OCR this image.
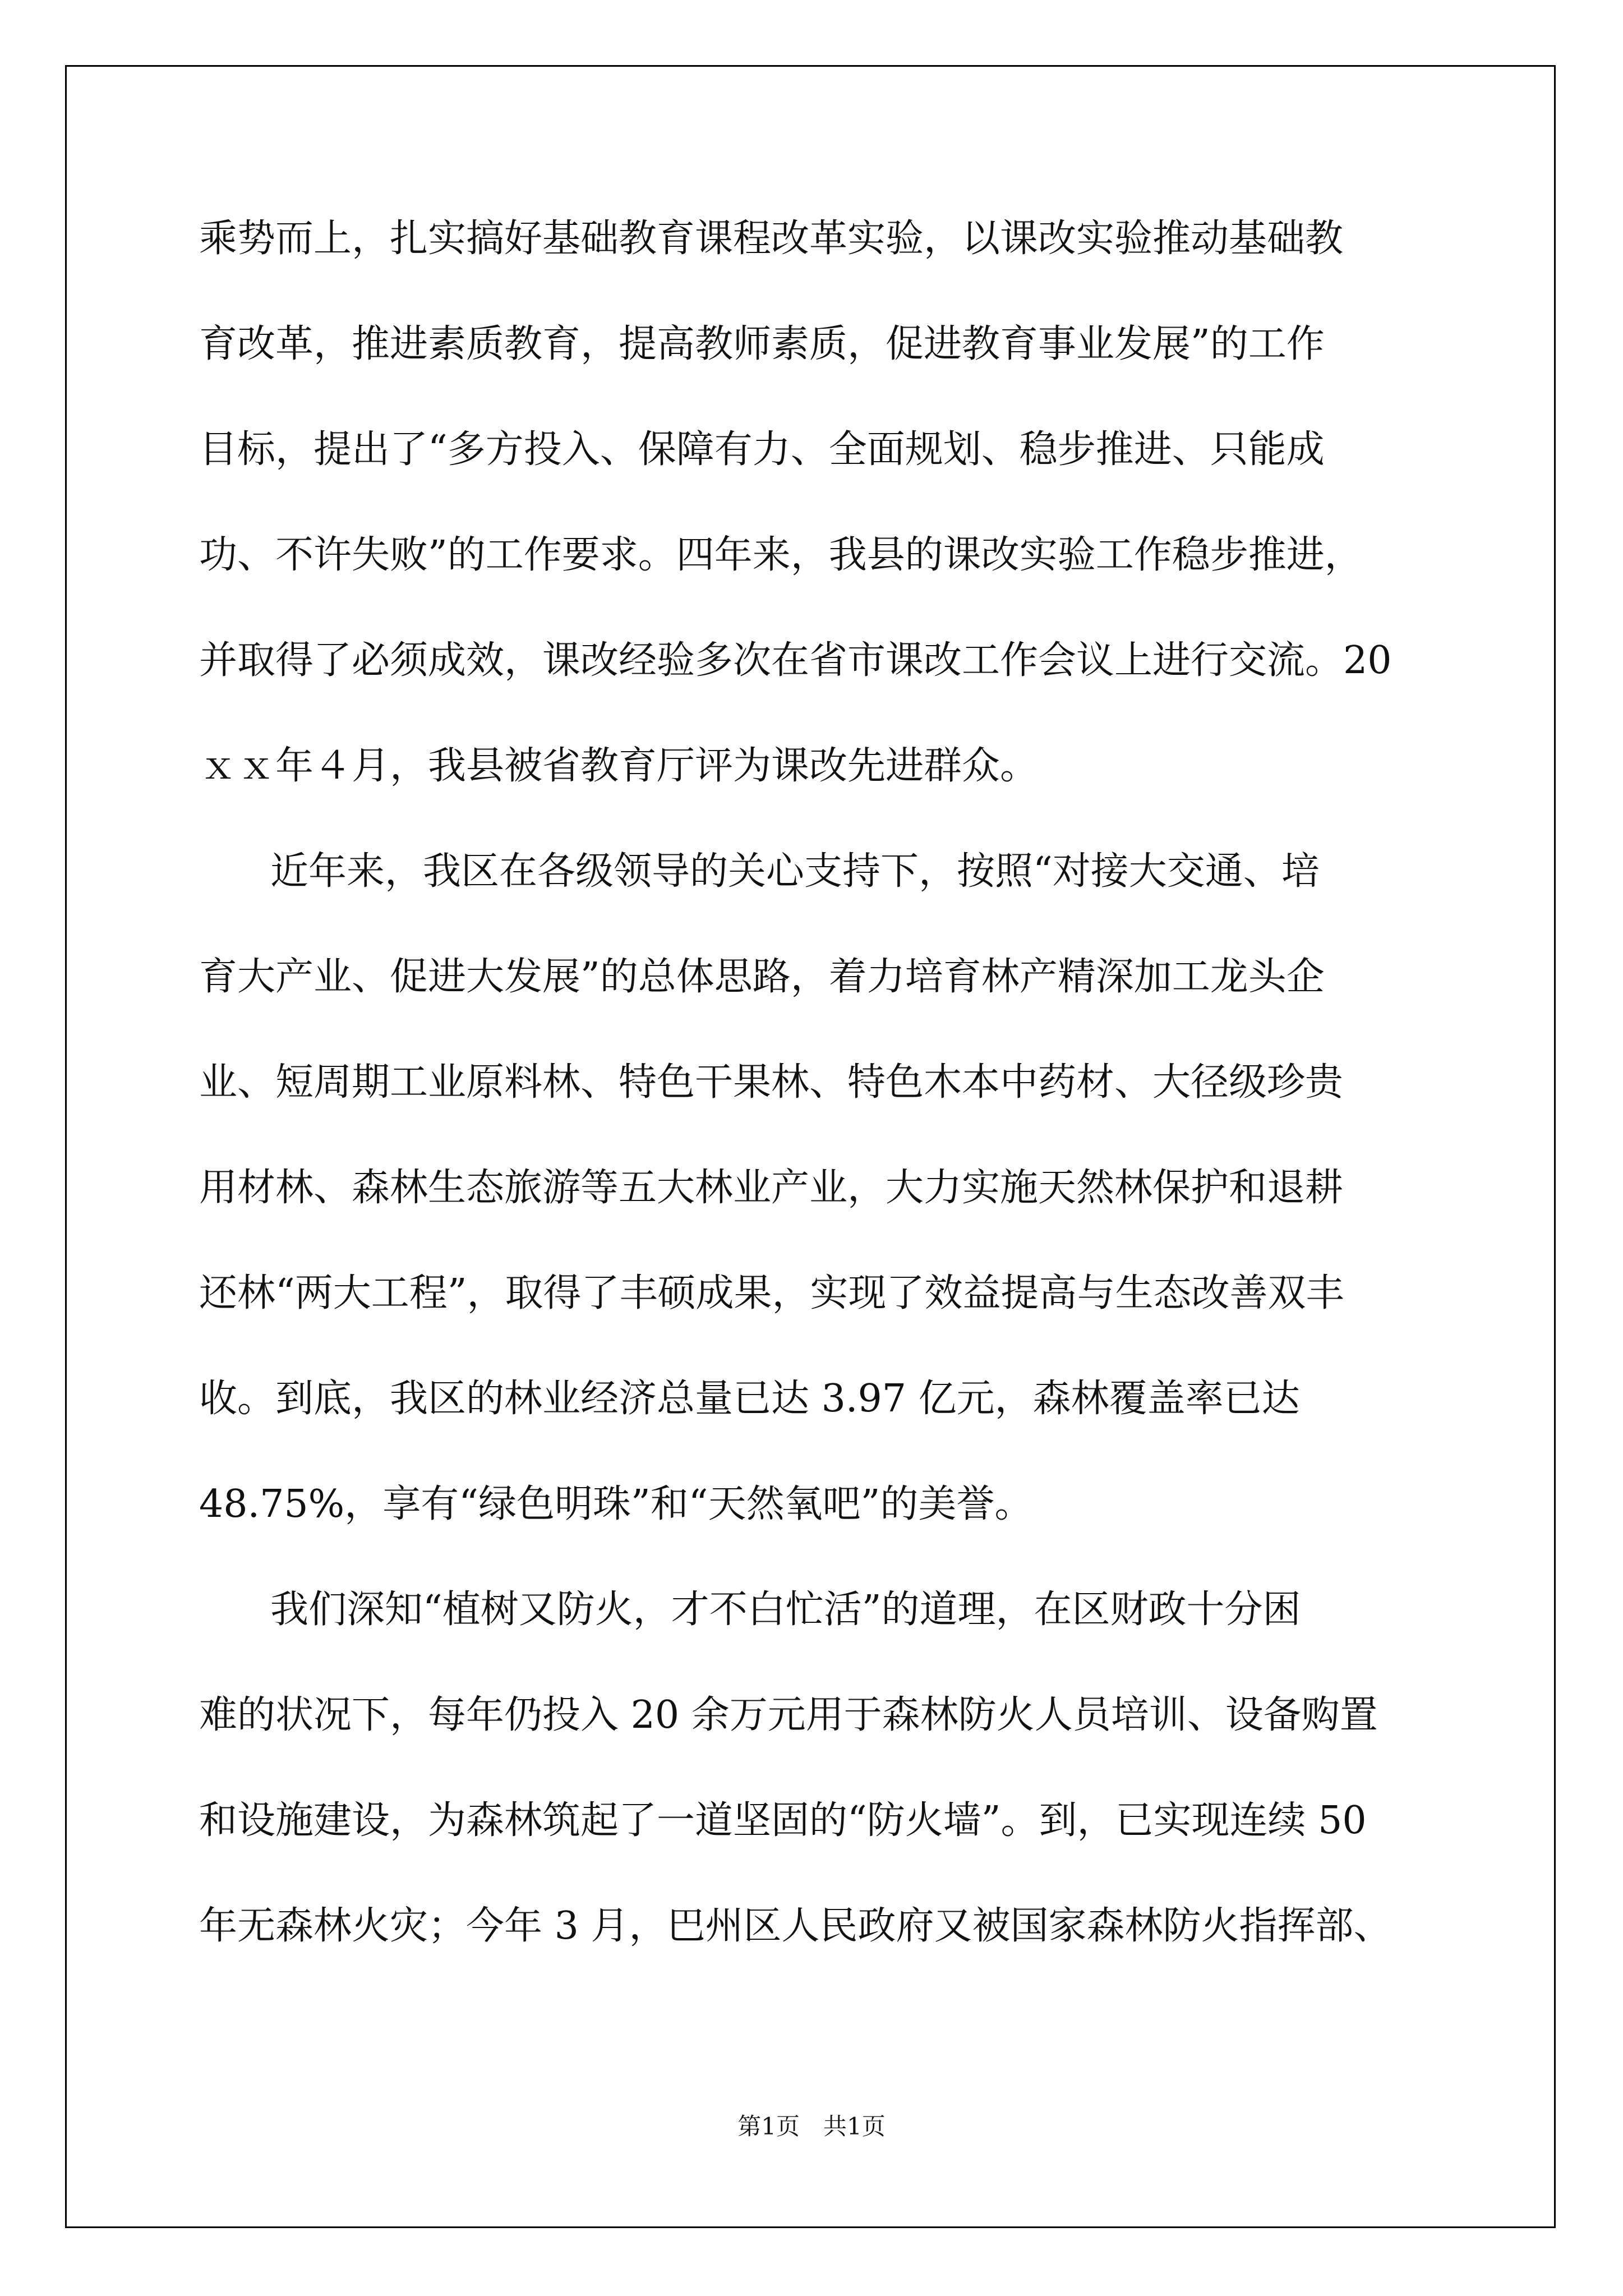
乘势而上，扎实搞好基础教育课程改革实验，以课改实验推动基础教
育改革，推进素质教育，提高教师素质，促进教育事业发展”的工作
目标，提出了“多方投入、保障有力、全面规划、稳步推进、只能成
功、不许失败”的工作要求。四年来，我县的课改实验工作稳步推进，
并取得了必须成效，课改经验多次在省市课改工作会议上进行交流。20
ｘｘ年４月，我县被省教育厅评为课改先进群众。
近年来，我区在各级领导的关心支持下，按照“对接大交通、培
育大产业、促进大发展”的总体思路，着力培育林产精深加工龙头企
业、短周期工业原料林、特色干果林、特色木本中药材、大径级珍贵
用材林、森林生态旅游等五大林业产业，大力实施天然林保护和退耕
还林“两大工程”，取得了丰硕成果，实现了效益提高与生态改善双丰
收。到底，我区的林业经济总量已达 3.97 亿元，森林覆盖率已达
48.75%，享有“绿色明珠”和“天然氧吧”的美誉。
我们深知“植树又防火，才不白忙活”的道理，在区财政十分困
难的状况下，每年仍投入 20 余万元用于森林防火人员培训、设备购置
和设施建设，为森林筑起了一道坚固的“防火墙”。到，已实现连续 50
年无森林火灾；今年 3 月，巴州区人民政府又被国家森林防火指挥部、
第1页　共1页
